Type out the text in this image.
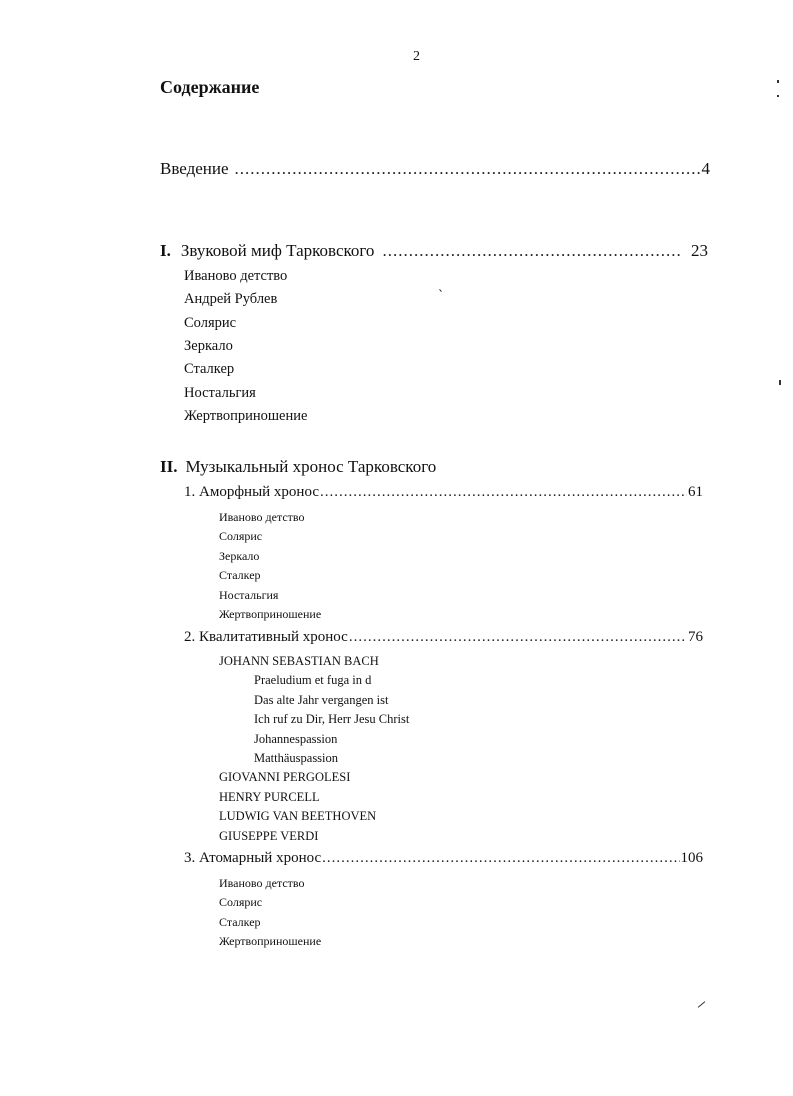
2
Содержание
Введение .....	4
I. Звуковой миф Тарковского .....	23
Иваново детство
Андрей Рублев
Солярис
Зеркало
Сталкер
Ностальгия
Жертвоприношение
II. Музыкальный хронос Тарковского
1. Аморфный хронос .....	61
Иваново детство
Солярис
Зеркало
Сталкер
Ностальгия
Жертвоприношение
2. Квалитативный хронос .....	76
JOHANN SEBASTIAN BACH
Praeludium et fuga in d
Das alte Jahr vergangen ist
Ich ruf zu Dir, Herr Jesu Christ
Johannespassion
Matthäuspassion
GIOVANNI PERGOLESI
HENRY PURCELL
LUDWIG VAN BEETHOVEN
GIUSEPPE VERDI
3. Атомарный хронос .....	106
Иваново детство
Солярис
Сталкер
Жертвоприношение
